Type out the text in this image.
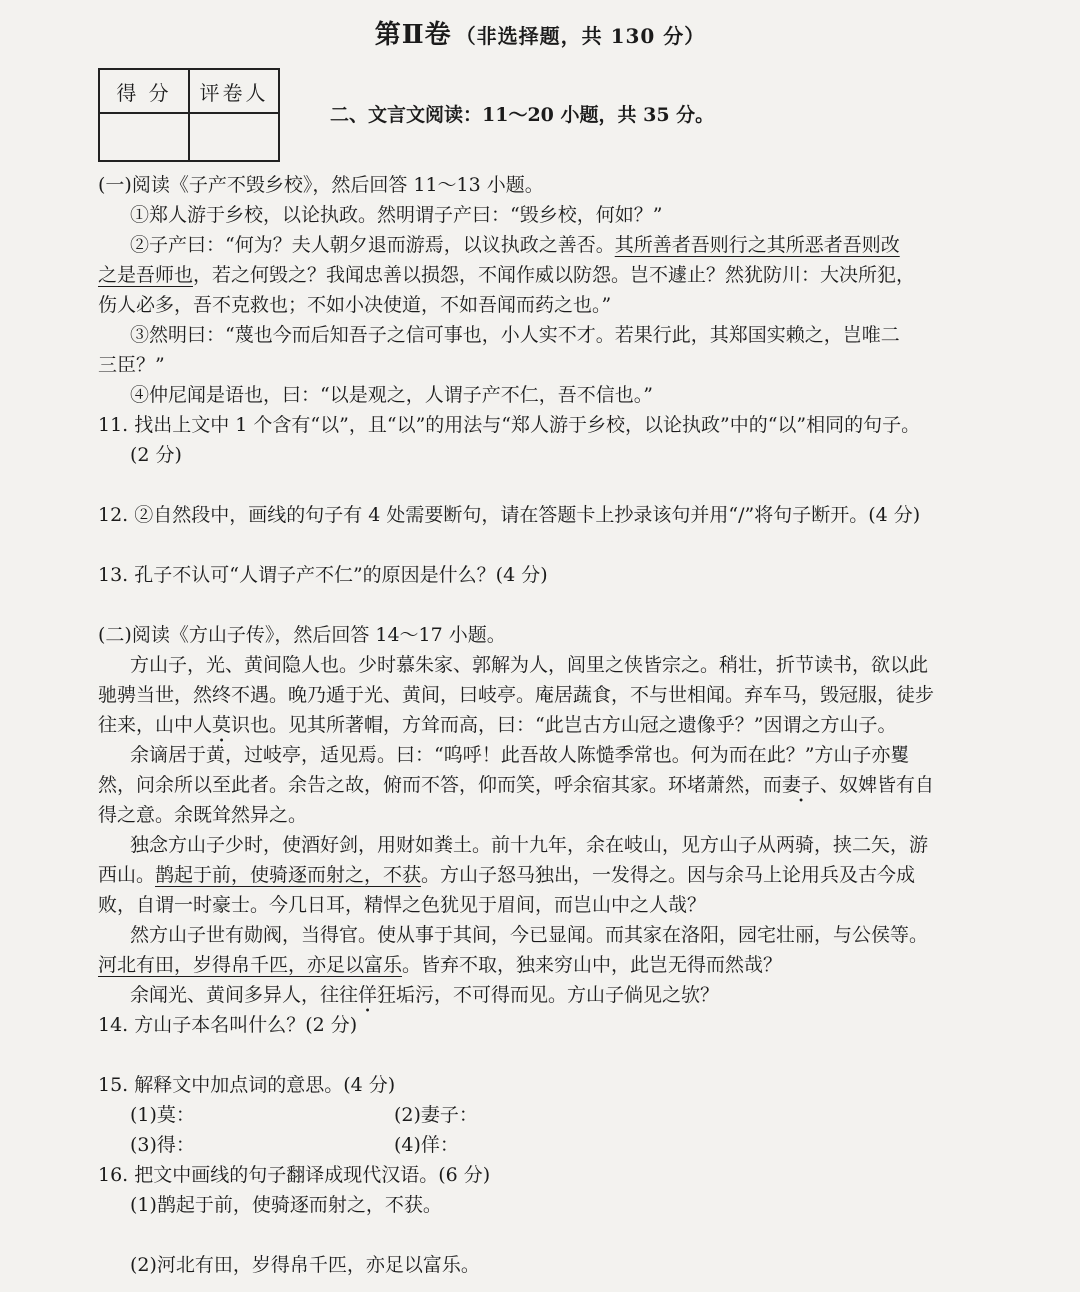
第Ⅱ卷 （非选择题，共 130 分）
得 分	评卷人

二、文言文阅读：11～20 小题，共 35 分。
(一)阅读《子产不毁乡校》，然后回答 11～13 小题。
①郑人游于乡校，以论执政。然明谓子产曰：“毁乡校，何如？”
②子产曰：“何为？夫人朝夕退而游焉，以议执政之善否。其所善者吾则行之其所恶者吾则改
之是吾师也，若之何毁之？我闻忠善以损怨，不闻作威以防怨。岂不遽止？然犹防川：大决所犯，
伤人必多，吾不克救也；不如小决使道，不如吾闻而药之也。”
③然明曰：“蔑也今而后知吾子之信可事也，小人实不才。若果行此，其郑国实赖之，岂唯二
三臣？”
④仲尼闻是语也，曰：“以是观之，人谓子产不仁，吾不信也。”
11. 找出上文中 1 个含有“以”，且“以”的用法与“郑人游于乡校，以论执政”中的“以”相同的句子。
(2 分)
12. ②自然段中，画线的句子有 4 处需要断句，请在答题卡上抄录该句并用“/”将句子断开。(4 分)
13. 孔子不认可“人谓子产不仁”的原因是什么？(4 分)
(二)阅读《方山子传》，然后回答 14～17 小题。
方山子，光、黄间隐人也。少时慕朱家、郭解为人，闾里之侠皆宗之。稍壮，折节读书，欲以此
驰骋当世，然终不遇。晚乃遁于光、黄间，曰岐亭。庵居蔬食，不与世相闻。弃车马，毁冠服，徒步
往来，山中人莫识也。见其所著帽，方耸而高，曰：“此岂古方山冠之遗像乎？”因谓之方山子。
余谪居于黄，过岐亭，适见焉。曰：“呜呼！此吾故人陈慥季常也。何为而在此？”方山子亦矍
然，问余所以至此者。余告之故，俯而不答，仰而笑，呼余宿其家。环堵萧然，而妻子、奴婢皆有自
得之意。余既耸然异之。
独念方山子少时，使酒好剑，用财如粪土。前十九年，余在岐山，见方山子从两骑，挟二矢，游
西山。鹊起于前，使骑逐而射之，不获。方山子怒马独出，一发得之。因与余马上论用兵及古今成
败，自谓一时豪士。今几日耳，精悍之色犹见于眉间，而岂山中之人哉？
然方山子世有勋阀，当得官。使从事于其间，今已显闻。而其家在洛阳，园宅壮丽，与公侯等。
河北有田，岁得帛千匹，亦足以富乐。皆弃不取，独来穷山中，此岂无得而然哉？
余闻光、黄间多异人，往往佯狂垢污，不可得而见。方山子倘见之欤？
14. 方山子本名叫什么？(2 分)
15. 解释文中加点词的意思。(4 分)
(1)莫：	(2)妻子：
(3)得：	(4)佯：
16. 把文中画线的句子翻译成现代汉语。(6 分)
(1)鹊起于前，使骑逐而射之，不获。
(2)河北有田，岁得帛千匹，亦足以富乐。
